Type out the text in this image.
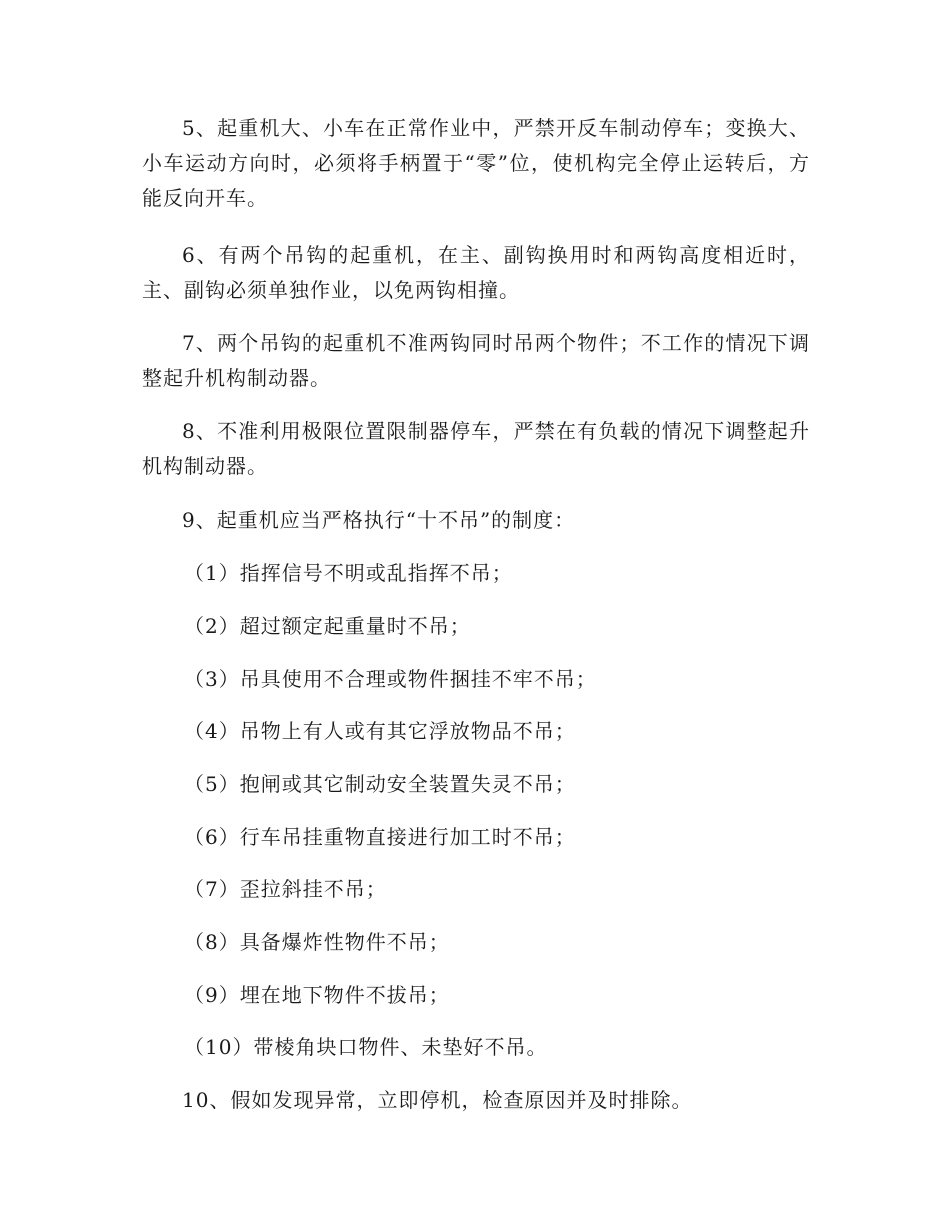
5、起重机大、小车在正常作业中，严禁开反车制动停车；变换大、小车运动方向时，必须将手柄置于“零”位，使机构完全停止运转后，方能反向开车。

6、有两个吊钩的起重机，在主、副钩换用时和两钩高度相近时，主、副钩必须单独作业，以免两钩相撞。

7、两个吊钩的起重机不准两钩同时吊两个物件；不工作的情况下调整起升机构制动器。

8、不准利用极限位置限制器停车，严禁在有负载的情况下调整起升机构制动器。

9、起重机应当严格执行“十不吊”的制度：

（1）指挥信号不明或乱指挥不吊；

（2）超过额定起重量时不吊；

（3）吊具使用不合理或物件捆挂不牢不吊；

（4）吊物上有人或有其它浮放物品不吊；

（5）抱闸或其它制动安全装置失灵不吊；

（6）行车吊挂重物直接进行加工时不吊；

（7）歪拉斜挂不吊；

（8）具备爆炸性物件不吊；

（9）埋在地下物件不拔吊；

（10）带棱角块口物件、未垫好不吊。

10、假如发现异常，立即停机，检查原因并及时排除。
